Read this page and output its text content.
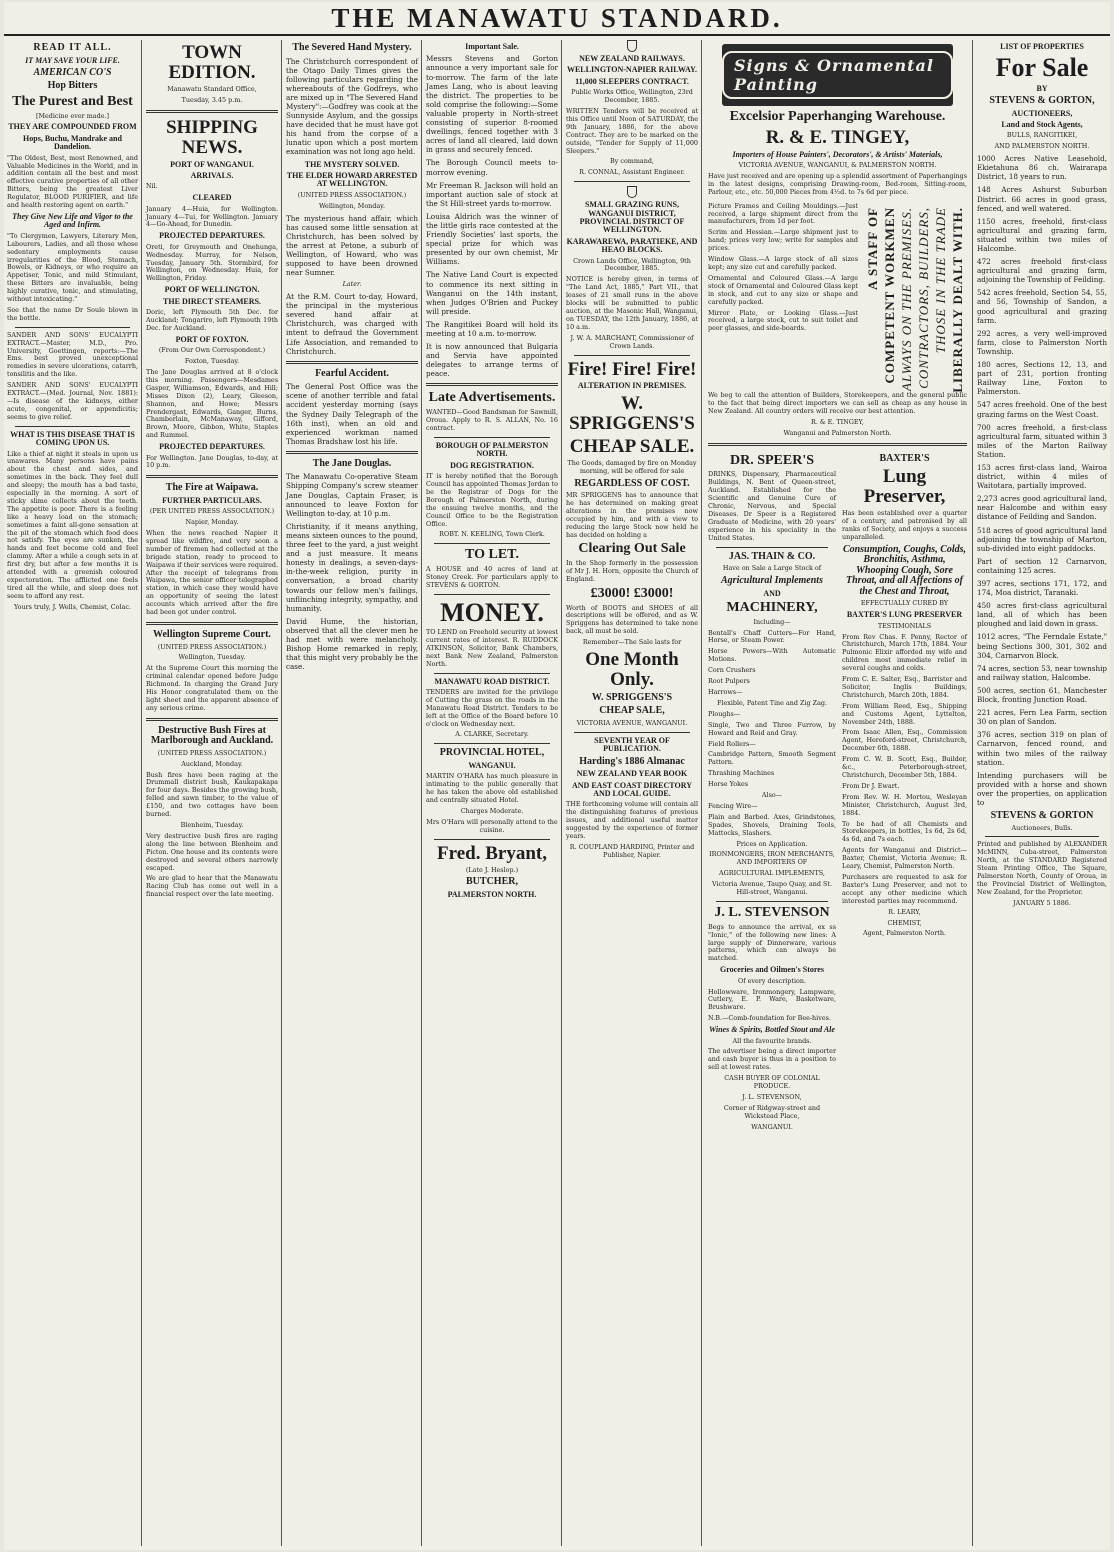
THE MANAWATU STANDARD.
READ IT ALL.
IT MAY SAVE YOUR LIFE.
AMERICAN CO'S
Hop Bitters
The Purest and Best

[Medicine ever made.]

THEY ARE COMPOUNDED FROM
Hops, Buchu, Mandrake and Dandelion.

"The Oldest, Best, most Renowned, and Valuable Medicines in the World, and in addition contain all the best and most effective curative properties of all other Bitters, being the greatest Liver Regulator, BLOOD PURIFIER, and life and health restoring agent on earth."

They Give New Life and Vigor to the Aged and Infirm.

"To Clergymen, Lawyers, Literary Men, Labourers, Ladies, and all those whose sedentary employments cause irregularities of the Blood, Stomach, Bowels, or Kidneys, or who require an Appetiser, Tonic, and mild Stimulant, these Bitters are invaluable, being highly curative, tonic, and stimulating, without intoxicating."

See that the name Dr Soule blown in the bottle.

SANDER AND SONS' EUCALYPTI EXTRACT.—Master, M.D., Pro. University, Goettingen, reports:—The Ems. best proved unexceptional remedies in severe ulcerations, catarrh, tonsilitis and the like.

SANDER AND SONS' EUCALYPTI EXTRACT.—(Med. Journal, Nov. 1881):—Is disease of the kidneys, either acute, congenital, or appendicitis; seems to give relief.

WHAT IS THIS DISEASE THAT IS COMING UPON US.

Like a thief at night it steals in upon us unawares. Many persons have pains about the chest and sides, and sometimes in the back. They feel dull and sleepy; the mouth has a bad taste, especially in the morning. A sort of sticky slime collects about the teeth. The appetite is poor. There is a feeling like a heavy load on the stomach; sometimes a faint all-gone sensation at the pit of the stomach which food does not satisfy. The eyes are sunken, the hands and feet become cold and feel clammy. After a while a cough sets in at first dry, but after a few months it is attended with a greenish coloured expectoration. The afflicted one feels tired all the while, and sleep does not seem to afford any rest.

Yours truly, J. Wells, Chemist, Colac.

TOWN EDITION.

Manawatu Standard Office,

Tuesday, 3.45 p.m.

SHIPPING NEWS.
PORT OF WANGANUI.
ARRIVALS.

Nil.

CLEARED

January 4—Huia, for Wellington. January 4—Tui, for Wellington. January 4—Go-Ahead, for Dunedin.

PROJECTED DEPARTURES.

Oreti, for Greymouth and Onehunga, Wednesday. Murray, for Nelson, Tuesday, January 5th. Stormbird, for Wellington, on Wednesday. Huia, for Wellington, Friday.

PORT OF WELLINGTON.
THE DIRECT STEAMERS.

Doric, left Plymouth 5th Dec. for Auckland; Tongariro, left Plymouth 19th Dec. for Auckland.

PORT OF FOXTON.

(From Our Own Correspondent.)

Foxton, Tuesday.

The Jane Douglas arrived at 8 o'clock this morning. Passengers—Mesdames Gasper, Williamson, Edwards, and Hill; Misses Dixon (2), Leary, Gleeson, Shannon, and Howe; Messrs Prendergast, Edwards, Ganger, Burns, Chamberlain, McManaway, Gifford, Brown, Moore, Gibbon, White, Staples and Rummel.

PROJECTED DEPARTURES.

For Wellington. Jane Douglas, to-day, at 10 p.m.

The Fire at Waipawa.
FURTHER PARTICULARS.

(PER UNITED PRESS ASSOCIATION.)

Napier, Monday.

When the news reached Napier it spread like wildfire, and very soon a number of firemen had collected at the brigade station, ready to proceed to Waipawa if their services were required. After the receipt of telegrams from Waipawa, the senior officer telegraphed station, in which case they would have an opportunity of seeing the latest accounts which arrived after the fire had been got under control.

Wellington Supreme Court.

(UNITED PRESS ASSOCIATION.)

Wellington, Tuesday.

At the Supreme Court this morning the criminal calendar opened before Judge Richmond. In charging the Grand Jury His Honor congratulated them on the light sheet and the apparent absence of any serious crime.

Destructive Bush Fires at Marlborough and Auckland.

(UNITED PRESS ASSOCIATION.)

Auckland, Monday.

Bush fires have been raging at the Drummall district bush, Kaukapakapa for four days. Besides the growing bush, felled and sawn timber, to the value of £150, and two cottages have been burned.

Blenheim, Tuesday.

Very destructive bush fires are raging along the line between Blenheim and Picton. One house and its contents were destroyed and several others narrowly escaped.

We are glad to hear that the Manawatu Racing Club has come out well in a financial respect over the late meeting.

The Severed Hand Mystery.

The Christchurch correspondent of the Otago Daily Times gives the following particulars regarding the whereabouts of the Godfreys, who are mixed up in "The Severed Hand Mystery":—Godfrey was cook at the Sunnyside Asylum, and the gossips have decided that he must have got his hand from the corpse of a lunatic upon which a post mortem examination was not long ago held.

THE MYSTERY SOLVED.
THE ELDER HOWARD ARRESTED AT WELLINGTON.

(UNITED PRESS ASSOCIATION.)

Wellington, Monday.

The mysterious hand affair, which has caused some little sensation at Christchurch, has been solved by the arrest at Petone, a suburb of Wellington, of Howard, who was supposed to have been drowned near Sumner.

Later.

At the R.M. Court to-day, Howard, the principal in the mysterious severed hand affair at Christchurch, was charged with intent to defraud the Government Life Association, and remanded to Christchurch.

Fearful Accident.

The General Post Office was the scene of another terrible and fatal accident yesterday morning (says the Sydney Daily Telegraph of the 16th inst), when an old and experienced workman named Thomas Bradshaw lost his life.

The Jane Douglas.

The Manawatu Co-operative Steam Shipping Company's screw steamer Jane Douglas, Captain Fraser, is announced to leave Foxton for Wellington to-day, at 10 p.m.

Christianity, if it means anything, means sixteen ounces to the pound, three feet to the yard, a just weight and a just measure. It means honesty in dealings, a seven-days-in-the-week religion, purity in conversation, a broad charity towards our fellow men's failings, unflinching integrity, sympathy, and humanity.

David Hume, the historian, observed that all the clever men he had met with were melancholy. Bishop Home remarked in reply, that this might very probably be the case.

Important Sale.

Messrs Stevens and Gorton announce a very important sale for to-morrow. The farm of the late James Lang, who is about leaving the district. The properties to be sold comprise the following:—Some valuable property in North-street consisting of superior 8-roomed dwellings, fenced together with 3 acres of land all cleared, laid down in grass and securely fenced.

The Borough Council meets to-morrow evening.

Mr Freeman R. Jackson will hold an important auction sale of stock at the St Hill-street yards to-morrow.

Louisa Aldrich was the winner of the little girls race contested at the Friendly Societies' last sports, the special prize for which was presented by our own chemist, Mr Williams.

The Native Land Court is expected to commence its next sitting in Wanganui on the 14th instant, when Judges O'Brien and Puckey will preside.

The Rangitikei Board will hold its meeting at 10 a.m. to-morrow.

It is now announced that Bulgaria and Servia have appointed delegates to arrange terms of peace.

Late Advertisements.

WANTED—Good Bandsman for Sawmill, Oroua. Apply to R. S. ALLAN, No. 16 contract.

BOROUGH OF PALMERSTON NORTH.
DOG REGISTRATION.

IT is hereby notified that the Borough Council has appointed Thomas Jordan to be the Registrar of Dogs for the Borough of Palmerston North, during the ensuing twelve months, and the Council Office to be the Registration Office.

ROBT. N. KEELING, Town Clerk.

TO LET.

A HOUSE and 40 acres of land at Stoney Creek. For particulars apply to STEVENS & GORTON.

MONEY.

TO LEND on Freehold security at lowest current rates of interest. R. RUDDOCK ATKINSON, Solicitor, Bank Chambers, next Bank New Zealand, Palmerston North.

MANAWATU ROAD DISTRICT.

TENDERS are invited for the privilege of Cutting the grass on the roads in the Manawatu Road District. Tenders to be left at the Office of the Board before 10 o'clock on Wednesday next.

A. CLARKE, Secretary.

PROVINCIAL HOTEL,
WANGANUI.

MARTIN O'HARA has much pleasure in intimating to the public generally that he has taken the above old established and centrally situated Hotel.

Charges Moderate.

Mrs O'Hara will personally attend to the cuisine.

Fred. Bryant,

(Late J. Heslop.)

BUTCHER,
PALMERSTON NORTH.
NEW ZEALAND RAILWAYS.
WELLINGTON-NAPIER RAILWAY.
11,000 SLEEPERS CONTRACT.

Public Works Office, Wellington, 23rd December, 1885.

WRITTEN Tenders will be received at this Office until Noon of SATURDAY, the 9th January, 1886, for the above Contract. They are to be marked on the outside, "Tender for Supply of 11,000 Sleepers."

By command,

R. CONNAL, Assistant Engineer.

SMALL GRAZING RUNS, WANGANUI DISTRICT, PROVINCIAL DISTRICT OF WELLINGTON.
KARAWAREWA, PARATIEKE, AND HEAO BLOCKS.

Crown Lands Office, Wellington, 9th December, 1885.

NOTICE is hereby given, in terms of "The Land Act, 1885," Part VII., that leases of 21 small runs in the above blocks will be submitted to public auction, at the Masonic Hall, Wanganui, on TUESDAY, the 12th January, 1886, at 10 a.m.

J. W. A. MARCHANT, Commissioner of Crown Lands.

Fire! Fire! Fire!
ALTERATION IN PREMISES.
W. SPRIGGENS'S
CHEAP SALE.

The Goods, damaged by fire on Monday morning, will be offered for sale

REGARDLESS OF COST.

MR SPRIGGENS has to announce that he has determined on making great alterations in the premises now occupied by him, and with a view to reducing the large Stock now held he has decided on holding a

Clearing Out Sale

In the Shop formerly in the possession of Mr J. H. Horn, opposite the Church of England.

£3000! £3000!

Worth of BOOTS and SHOES of all descriptions will be offered, and as W. Spriggens has determined to take none back, all must be sold.

Remember—The Sale lasts for

One Month Only.
W. SPRIGGENS'S
CHEAP SALE,

VICTORIA AVENUE, WANGANUI.

SEVENTH YEAR OF PUBLICATION.
Harding's 1886 Almanac
NEW ZEALAND YEAR BOOK
AND EAST COAST DIRECTORY AND LOCAL GUIDE.

THE forthcoming volume will contain all the distinguishing features of previous issues, and additional useful matter suggested by the experience of former years.

R. COUPLAND HARDING, Printer and Publisher, Napier.

Signs & Ornamental Painting
Excelsior Paperhanging Warehouse.
R. & E. TINGEY,
Importers of House Painters', Decorators', & Artists' Materials,

VICTORIA AVENUE, WANGANUI, & PALMERSTON NORTH.

Have just received and are opening up a splendid assortment of Paperhangings in the latest designs, comprising Drawing-room, Bed-room, Sitting-room, Parlour, etc., etc. 50,000 Pieces from 4½d. to 7s 6d per piece.

Picture Frames and Ceiling Mouldings.—Just received, a large shipment direct from the manufacturers, from 1d per foot.

Scrim and Hessian.—Large shipment just to hand; prices very low; write for samples and prices.

Window Glass.—A large stock of all sizes kept; any size cut and carefully packed.

Ornamental and Coloured Glass.—A large stock of Ornamental and Coloured Glass kept in stock, and cut to any size or shape and carefully packed.

Mirror Plate, or Looking Glass.—Just received, a large stock, cut to suit toilet and peer glasses, and side-boards.

A STAFF OF COMPETENT WORKMEN ALWAYS ON THE PREMISES. CONTRACTORS, BUILDERS, THOSE IN THE TRADE LIBERALLY DEALT WITH.

We beg to call the attention of Builders, Storekeepers, and the general public to the fact that being direct importers we can sell as cheap as any house in New Zealand. All country orders will receive our best attention.

R. & E. TINGEY,

Wanganui and Palmerston North.

DR. SPEER'S

DRINKS, Dispensary, Pharmaceutical Buildings, N. Bent of Queen-street, Auckland. Established for the Scientific and Genuine Cure of Chronic, Nervous, and Special Diseases. Dr Speer is a Registered Graduate of Medicine, with 20 years' experience in his speciality in the United States.

JAS. THAIN & CO.

Have on Sale a Large Stock of

Agricultural Implements
AND
MACHINERY,

Including—

Bentall's Chaff Cutters—For Hand, Horse, or Steam Power.

Horse Powers—With Automatic Motions.

Corn Crushers

Root Pulpers

Harrows—

Flexible, Patent Tine and Zig Zag.

Ploughs—

Single, Two and Three Furrow, by Howard and Reid and Gray.

Field Rollers—

Cambridge Pattern, Smooth Segment Pattern.

Thrashing Machines

Horse Yokes

Also—

Fencing Wire—

Plain and Barbed. Axes, Grindstones, Spades, Shovels, Draining Tools, Mattocks, Slashers.

Prices on Application.

IRONMONGERS, IRON MERCHANTS, AND IMPORTERS OF

AGRICULTURAL IMPLEMENTS,

Victoria Avenue, Taupo Quay, and St. Hill-street, Wanganui.

J. L. STEVENSON

Begs to announce the arrival, ex ss "Ionic," of the following new lines: A large supply of Dinnerware, various patterns, which can always be matched.

Groceries and Oilmen's Stores

Of every description.

Hollowware, Ironmongery, Lampware, Cutlery, E. P. Ware, Basketware, Brushware.

N.B.—Comb-foundation for Bee-hives.

Wines & Spirits, Bottled Stout and Ale

All the favourite brands.

The advertiser being a direct importer and cash buyer is thus in a position to sell at lowest rates.

CASH BUYER OF COLONIAL PRODUCE.

J. L. STEVENSON,

Corner of Ridgway-street and Wickstead Place,

WANGANUI.

BAXTER'S
Lung Preserver,

Has been established over a quarter of a century, and patronised by all ranks of Society, and enjoys a success unparalleled.

Consumption, Coughs, Colds, Bronchitis, Asthma, Whooping Cough, Sore Throat, and all Affections of the Chest and Throat,

EFFECTUALLY CURED BY

BAXTER'S LUNG PRESERVER

TESTIMONIALS

From Rev Chas. F. Penny, Rector of Christchurch, March 17th, 1884. Your Pulmonic Elixir afforded my wife and children most immediate relief in several coughs and colds.

From C. E. Salter, Esq., Barrister and Solicitor, Inglis Buildings, Christchurch, March 20th, 1884.

From William Reed, Esq., Shipping and Customs Agent, Lyttelton, November 24th, 1888.

From Isaac Allen, Esq., Commission Agent, Hereford-street, Christchurch, December 6th, 1888.

From C. W. B. Scott, Esq., Builder, &c., Peterborough-street, Christchurch, December 5th, 1884.

From Dr J. Ewart.

From Rev. W. H. Mortou, Wesleyan Minister, Christchurch, August 3rd, 1884.

To be had of all Chemists and Storekeepers, in bottles, 1s 6d, 2s 6d, 4s 6d, and 7s each.

Agents for Wanganui and District—Baxter, Chemist, Victoria Avenue; R. Leary, Chemist, Palmerston North.

Purchasers are requested to ask for Baxter's Lung Preserver, and not to accept any other medicine which interested parties may recommend.

R. LEARY,

CHEMIST,

Agent, Palmerston North.

LIST OF PROPERTIES
For Sale
BY
STEVENS & GORTON,
AUCTIONEERS,
Land and Stock Agents,

BULLS, RANGITIKEI,

AND PALMERSTON NORTH.

1000 Acres Native Leasehold, Ekietahuna 86 ch. Wairarapa District, 18 years to run.

148 Acres Ashurst Suburban District. 66 acres in good grass, fenced, and well watered.

1150 acres, freehold, first-class agricultural and grazing farm, situated within two miles of Halcombe.

472 acres freehold first-class agricultural and grazing farm, adjoining the Township of Feilding.

542 acres freehold, Section 54, 55, and 56, Township of Sandon, a good agricultural and grazing farm.

292 acres, a very well-improved farm, close to Palmerston North Township.

180 acres, Sections 12, 13, and part of 231, portion fronting Railway Line, Foxton to Palmerston.

547 acres freehold. One of the best grazing farms on the West Coast.

700 acres freehold, a first-class agricultural farm, situated within 3 miles of the Marton Railway Station.

153 acres first-class land, Wairoa district, within 4 miles of Waitotara, partially improved.

2,273 acres good agricultural land, near Halcombe and within easy distance of Feilding and Sandon.

518 acres of good agricultural land adjoining the township of Marton, sub-divided into eight paddocks.

Part of section 12 Carnarvon, containing 125 acres.

397 acres, sections 171, 172, and 174, Moa district, Taranaki.

450 acres first-class agricultural land, all of which has been ploughed and laid down in grass.

1012 acres, "The Ferndale Estate," being Sections 300, 301, 302 and 304, Carnarvon Block.

74 acres, section 53, near township and railway station, Halcombe.

500 acres, section 61, Manchester Block, fronting Junction Road.

221 acres, Fern Lea Farm, section 30 on plan of Sandon.

376 acres, section 319 on plan of Carnarvon, fenced round, and within two miles of the railway station.

Intending purchasers will be provided with a horse and shown over the properties, on application to

STEVENS & GORTON

Auctioneers, Bulls.

Printed and published by ALEXANDER McMINN, Cuba-street, Palmerston North, at the STANDARD Registered Steam Printing Office, The Square, Palmerston North, County of Oroua, in the Provincial District of Wellington, New Zealand, for the Proprietor.

JANUARY 5 1886.
